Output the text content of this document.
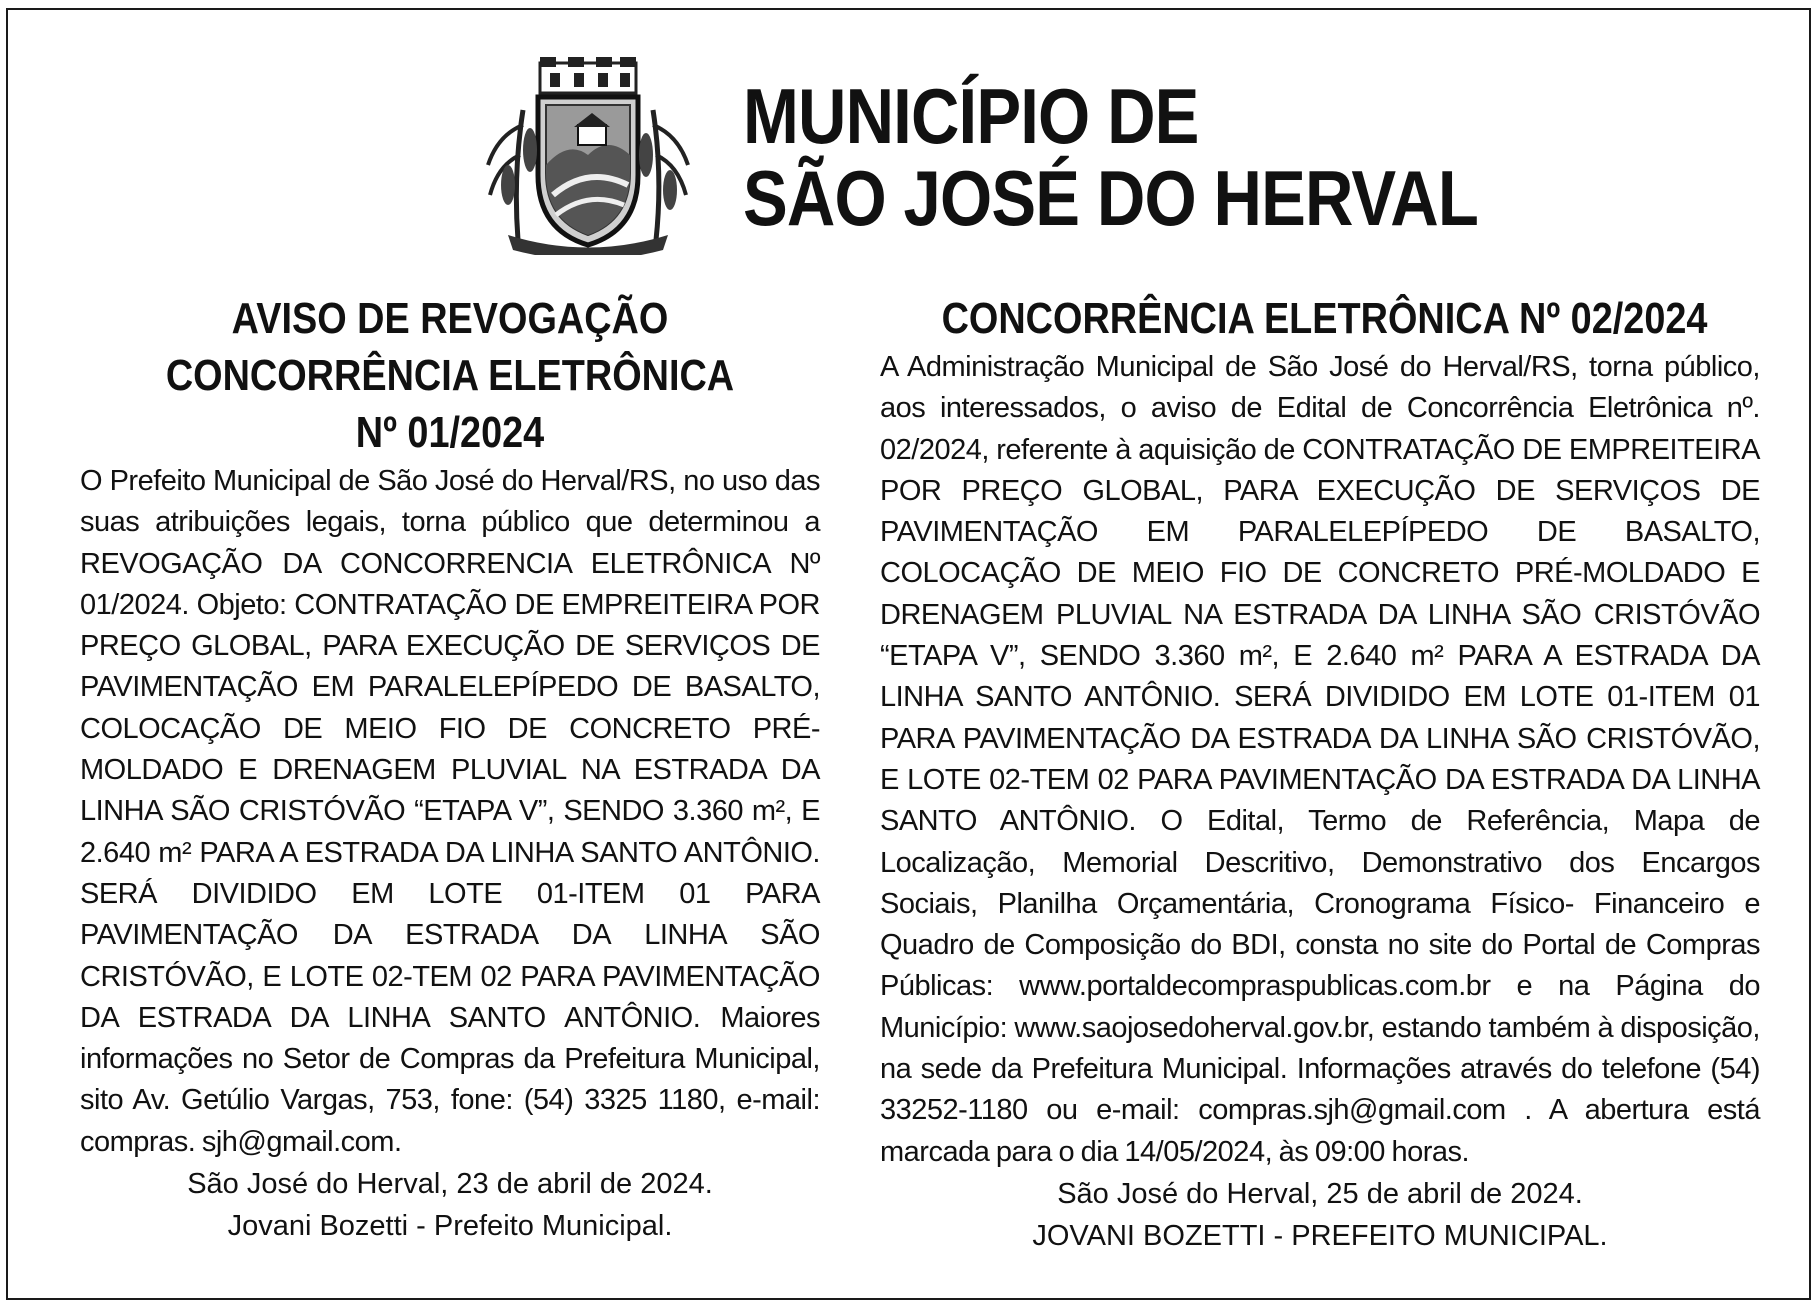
MUNICÍPIO DE
SÃO JOSÉ DO HERVAL
AVISO DE REVOGAÇÃO
CONCORRÊNCIA ELETRÔNICA
Nº 01/2024

O Prefeito Municipal de São José do Herval/RS, no uso das suas atribuições legais, torna público que determinou a REVOGAÇÃO DA CONCORRENCIA ELETRÔNICA Nº 01/2024. Objeto: CONTRATAÇÃO DE EMPREITEIRA POR PREÇO GLOBAL, PARA EXECUÇÃO DE SERVIÇOS DE PAVIMENTAÇÃO EM PARALELEPÍPEDO DE BASALTO, COLOCAÇÃO DE MEIO FIO DE CONCRETO PRÉ-MOLDADO E DRENAGEM PLUVIAL NA ESTRADA DA LINHA SÃO CRISTÓVÃO “ETAPA V”, SENDO 3.360 m², E 2.640 m² PARA A ESTRADA DA LINHA SANTO ANTÔNIO. SERÁ DIVIDIDO EM LOTE 01-ITEM 01 PARA PAVIMENTAÇÃO DA ESTRADA DA LINHA SÃO CRISTÓVÃO, E LOTE 02-TEM 02 PARA PAVIMENTAÇÃO DA ESTRADA DA LINHA SANTO ANTÔNIO. Maiores informações no Setor de Compras da Prefeitura Municipal, sito Av. Getúlio Vargas, 753, fone: (54) 3325 1180, e-mail: compras. sjh@gmail.com.

São José do Herval, 23 de abril de 2024.

Jovani Bozetti - Prefeito Municipal.

CONCORRÊNCIA ELETRÔNICA Nº 02/2024

A Administração Municipal de São José do Herval/RS, torna público, aos interessados, o aviso de Edital de Concorrência Eletrônica nº. 02/2024, referente à aquisição de CONTRATAÇÃO DE EMPREITEIRA POR PREÇO GLOBAL, PARA EXECUÇÃO DE SERVIÇOS DE PAVIMENTAÇÃO EM PARALELEPÍPEDO DE BASALTO, COLOCAÇÃO DE MEIO FIO DE CONCRETO PRÉ-MOLDADO E DRENAGEM PLUVIAL NA ESTRADA DA LINHA SÃO CRISTÓVÃO “ETAPA V”, SENDO 3.360 m², E 2.640 m² PARA A ESTRADA DA LINHA SANTO ANTÔNIO. SERÁ DIVIDIDO EM LOTE 01-ITEM 01 PARA PAVIMENTAÇÃO DA ESTRADA DA LINHA SÃO CRISTÓVÃO, E LOTE 02-TEM 02 PARA PAVIMENTAÇÃO DA ESTRADA DA LINHA SANTO ANTÔNIO. O Edital, Termo de Referência, Mapa de Localização, Memorial Descritivo, Demonstrativo dos Encargos Sociais, Planilha Orçamentária, Cronograma Físico- Financeiro e Quadro de Composição do BDI, consta no site do Portal de Compras Públicas: www.portaldecompraspublicas.com.br e na Página do Município: www.saojosedoherval.gov.br, estando também à disposição, na sede da Prefeitura Municipal. Informações através do telefone (54) 33252-1180 ou e-mail: compras.sjh@gmail.com . A abertura está marcada para o dia 14/05/2024, às 09:00 horas.

São José do Herval, 25 de abril de 2024.

JOVANI BOZETTI - PREFEITO MUNICIPAL.
